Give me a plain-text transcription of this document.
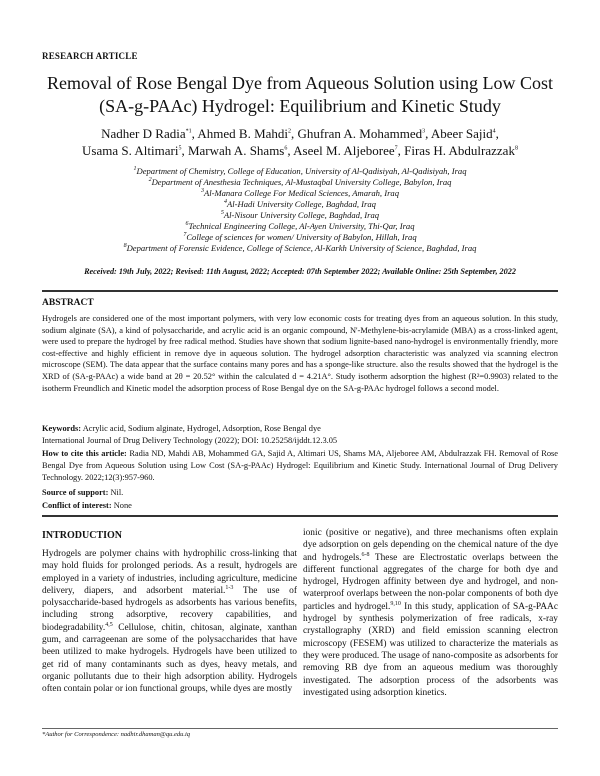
RESEARCH ARTICLE
Removal of Rose Bengal Dye from Aqueous Solution using Low Cost (SA-g-PAAc) Hydrogel: Equilibrium and Kinetic Study
Nadher D Radia$^{*1}$, Ahmed B. Mahdi$^2$, Ghufran A. Mohammed$^3$, Abeer Sajid$^4$,
Usama S. Altimari$^5$, Marwah A. Shams$^6$, Aseel M. Aljeboree$^7$, Firas H. Abdulrazzak$^8$
$^1$Department of Chemistry, College of Education, University of Al-Qadisiyah, Al-Qadisiyah, Iraq
$^2$Department of Anesthesia Techniques, Al-Mustaqbal University College, Babylon, Iraq
$^3$Al-Manara College For Medical Sciences, Amarah, Iraq
$^4$Al-Hadi University College, Baghdad, Iraq
$^5$Al-Nisour University College, Baghdad, Iraq
$^6$Technical Engineering College, Al-Ayen University, Thi-Qar, Iraq
$^7$College of sciences for women/ University of Babylon, Hillah, Iraq
$^8$Department of Forensic Evidence, College of Science, Al-Karkh University of Science, Baghdad, Iraq
Received: 19th July, 2022; Revised: 11th August, 2022; Accepted: 07th September 2022; Available Online: 25th September, 2022
ABSTRACT
Hydrogels are considered one of the most important polymers, with very low economic costs for treating dyes from an aqueous solution. In this study, sodium alginate (SA), a kind of polysaccharide, and acrylic acid is an organic compound, N'-Methylene-bis-acrylamide (MBA) as a cross-linked agent, were used to prepare the hydrogel by free radical method. Studies have shown that sodium lignite-based nano-hydrogel is environmentally friendly, more cost-effective and highly efficient in remove dye in aqueous solution. The hydrogel adsorption characteristic was analyzed via scanning electron microscope (SEM). The data appear that the surface contains many pores and has a sponge-like structure. also the results showed that the hydrogel is the XRD of (SA-g-PAAc) a wide band at 2θ = 20.52° within the calculated d = 4.21A°. Study isotherm adsorption the highest (R²=0.9903) related to the isotherm Freundlich and Kinetic model the adsorption process of Rose Bengal dye on the SA-g-PAAc hydrogel follows a second model.
Keywords: Acrylic acid, Sodium alginate, Hydrogel, Adsorption, Rose Bengal dye
International Journal of Drug Delivery Technology (2022); DOI: 10.25258/ijddt.12.3.05
How to cite this article: Radia ND, Mahdi AB, Mohammed GA, Sajid A, Altimari US, Shams MA, Aljeboree AM, Abdulrazzak FH. Removal of Rose Bengal Dye from Aqueous Solution using Low Cost (SA-g-PAAc) Hydrogel: Equilibrium and Kinetic Study. International Journal of Drug Delivery Technology. 2022;12(3):957-960.
Source of support: Nil.
Conflict of interest: None
INTRODUCTION
Hydrogels are polymer chains with hydrophilic cross-linking that may hold fluids for prolonged periods. As a result, hydrogels are employed in a variety of industries, including agriculture, medicine delivery, diapers, and adsorbent material.$^{1-3}$ The use of polysaccharide-based hydrogels as adsorbents has various benefits, including strong adsorptive, recovery capabilities, and biodegradability.$^{4,5}$ Cellulose, chitin, chitosan, alginate, xanthan gum, and carrageenan are some of the polysaccharides that have been utilized to make hydrogels. Hydrogels have been utilized to get rid of many contaminants such as dyes, heavy metals, and organic pollutants due to their high adsorption ability. Hydrogels often contain polar or ion functional groups, while dyes are mostly
ionic (positive or negative), and three mechanisms often explain dye adsorption on gels depending on the chemical nature of the dye and hydrogels.$^{6-8}$ These are Electrostatic overlaps between the different functional aggregates of the charge for both dye and hydrogel, Hydrogen affinity between dye and hydrogel, and non-waterproof overlaps between the non-polar components of both dye particles and hydrogel.$^{9,10}$ In this study, application of SA-g-PAAc hydrogel by synthesis polymerization of free radicals, x-ray crystallography (XRD) and field emission scanning electron microscopy (FESEM) was utilized to characterize the materials as they were produced. The usage of nano-composite as adsorbents for removing RB dye from an aqueous medium was thoroughly investigated. The adsorption process of the adsorbents was investigated using adsorption kinetics.
*Author for Correspondence: nadhir.dhaman@qu.edu.iq
